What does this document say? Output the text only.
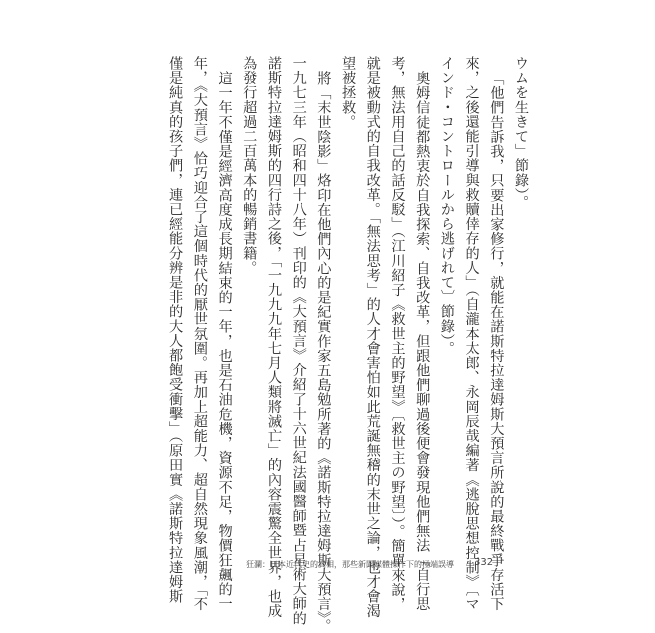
ウムを生きて」節錄）。
「他們告訴我，只要出家修行，就能在諾斯特拉達姆斯大預言所說的最終戰爭存活下
來，之後還能引導與救贖倖存的人」（自瀧本太郎、永岡辰哉編著《逃脫思想控制》〔マ
インド・コントロールから逃げれて〕節錄）。
奧姆信徒都熱衷於自我探索、自我改革，但跟他們聊過後便會發現他們無法「自行思
考，無法用自己的話反駁」（江川紹子《救世主的野望》〔救世主の野望〕）。簡單來說，
就是被動式的自我改革。「無法思考」的人才會害怕如此荒誕無稽的末世之論，也才會渴
望被拯救。
將「末世陰影」烙印在他們內心的是紀實作家五島勉所著的《諾斯特拉達姆斯大預言》。
一九七三年（昭和四十八年）刊印的《大預言》介紹了十六世紀法國醫師暨占星術大師的
諾斯特拉達姆斯的四行詩之後，「一九九九年七月人類將滅亡」的內容震驚全世界，也成
為發行超過二百萬本的暢銷書籍。
這一年不僅是經濟高度成長期結束的一年，也是石油危機，資源不足，物價狂飆的一
年，《大預言》恰巧迎合了這個時代的厭世氛圍。再加上超能力、超自然現象風潮，「不
僅是純真的孩子們，連已經能分辨是非的大人都飽受衝擊」（原田實《諾斯特拉達姆斯	狂瀾：日本近代史的真相，那些新聞媒體操作下的極端誤導 332
